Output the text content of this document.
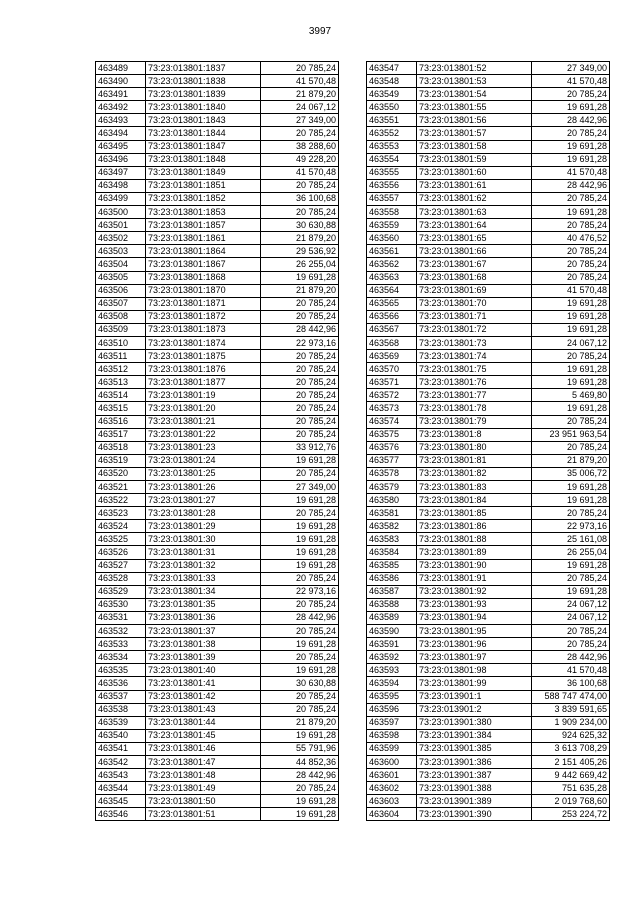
3997
463489	73:23:013801:1837	20 785,24
463490	73:23:013801:1838	41 570,48
463491	73:23:013801:1839	21 879,20
463492	73:23:013801:1840	24 067,12
463493	73:23:013801:1843	27 349,00
463494	73:23:013801:1844	20 785,24
463495	73:23:013801:1847	38 288,60
463496	73:23:013801:1848	49 228,20
463497	73:23:013801:1849	41 570,48
463498	73:23:013801:1851	20 785,24
463499	73:23:013801:1852	36 100,68
463500	73:23:013801:1853	20 785,24
463501	73:23:013801:1857	30 630,88
463502	73:23:013801:1861	21 879,20
463503	73:23:013801:1864	29 536,92
463504	73:23:013801:1867	26 255,04
463505	73:23:013801:1868	19 691,28
463506	73:23:013801:1870	21 879,20
463507	73:23:013801:1871	20 785,24
463508	73:23:013801:1872	20 785,24
463509	73:23:013801:1873	28 442,96
463510	73:23:013801:1874	22 973,16
463511	73:23:013801:1875	20 785,24
463512	73:23:013801:1876	20 785,24
463513	73:23:013801:1877	20 785,24
463514	73:23:013801:19	20 785,24
463515	73:23:013801:20	20 785,24
463516	73:23:013801:21	20 785,24
463517	73:23:013801:22	20 785,24
463518	73:23:013801:23	33 912,76
463519	73:23:013801:24	19 691,28
463520	73:23:013801:25	20 785,24
463521	73:23:013801:26	27 349,00
463522	73:23:013801:27	19 691,28
463523	73:23:013801:28	20 785,24
463524	73:23:013801:29	19 691,28
463525	73:23:013801:30	19 691,28
463526	73:23:013801:31	19 691,28
463527	73:23:013801:32	19 691,28
463528	73:23:013801:33	20 785,24
463529	73:23:013801:34	22 973,16
463530	73:23:013801:35	20 785,24
463531	73:23:013801:36	28 442,96
463532	73:23:013801:37	20 785,24
463533	73:23:013801:38	19 691,28
463534	73:23:013801:39	20 785,24
463535	73:23:013801:40	19 691,28
463536	73:23:013801:41	30 630,88
463537	73:23:013801:42	20 785,24
463538	73:23:013801:43	20 785,24
463539	73:23:013801:44	21 879,20
463540	73:23:013801:45	19 691,28
463541	73:23:013801:46	55 791,96
463542	73:23:013801:47	44 852,36
463543	73:23:013801:48	28 442,96
463544	73:23:013801:49	20 785,24
463545	73:23:013801:50	19 691,28
463546	73:23:013801:51	19 691,28
463547	73:23:013801:52	27 349,00
463548	73:23:013801:53	41 570,48
463549	73:23:013801:54	20 785,24
463550	73:23:013801:55	19 691,28
463551	73:23:013801:56	28 442,96
463552	73:23:013801:57	20 785,24
463553	73:23:013801:58	19 691,28
463554	73:23:013801:59	19 691,28
463555	73:23:013801:60	41 570,48
463556	73:23:013801:61	28 442,96
463557	73:23:013801:62	20 785,24
463558	73:23:013801:63	19 691,28
463559	73:23:013801:64	20 785,24
463560	73:23:013801:65	40 476,52
463561	73:23:013801:66	20 785,24
463562	73:23:013801:67	20 785,24
463563	73:23:013801:68	20 785,24
463564	73:23:013801:69	41 570,48
463565	73:23:013801:70	19 691,28
463566	73:23:013801:71	19 691,28
463567	73:23:013801:72	19 691,28
463568	73:23:013801:73	24 067,12
463569	73:23:013801:74	20 785,24
463570	73:23:013801:75	19 691,28
463571	73:23:013801:76	19 691,28
463572	73:23:013801:77	5 469,80
463573	73:23:013801:78	19 691,28
463574	73:23:013801:79	20 785,24
463575	73:23:013801:8	23 951 963,54
463576	73:23:013801:80	20 785,24
463577	73:23:013801:81	21 879,20
463578	73:23:013801:82	35 006,72
463579	73:23:013801:83	19 691,28
463580	73:23:013801:84	19 691,28
463581	73:23:013801:85	20 785,24
463582	73:23:013801:86	22 973,16
463583	73:23:013801:88	25 161,08
463584	73:23:013801:89	26 255,04
463585	73:23:013801:90	19 691,28
463586	73:23:013801:91	20 785,24
463587	73:23:013801:92	19 691,28
463588	73:23:013801:93	24 067,12
463589	73:23:013801:94	24 067,12
463590	73:23:013801:95	20 785,24
463591	73:23:013801:96	20 785,24
463592	73:23:013801:97	28 442,96
463593	73:23:013801:98	41 570,48
463594	73:23:013801:99	36 100,68
463595	73:23:013901:1	588 747 474,00
463596	73:23:013901:2	3 839 591,65
463597	73:23:013901:380	1 909 234,00
463598	73:23:013901:384	924 625,32
463599	73:23:013901:385	3 613 708,29
463600	73:23:013901:386	2 151 405,26
463601	73:23:013901:387	9 442 669,42
463602	73:23:013901:388	751 635,28
463603	73:23:013901:389	2 019 768,60
463604	73:23:013901:390	253 224,72
